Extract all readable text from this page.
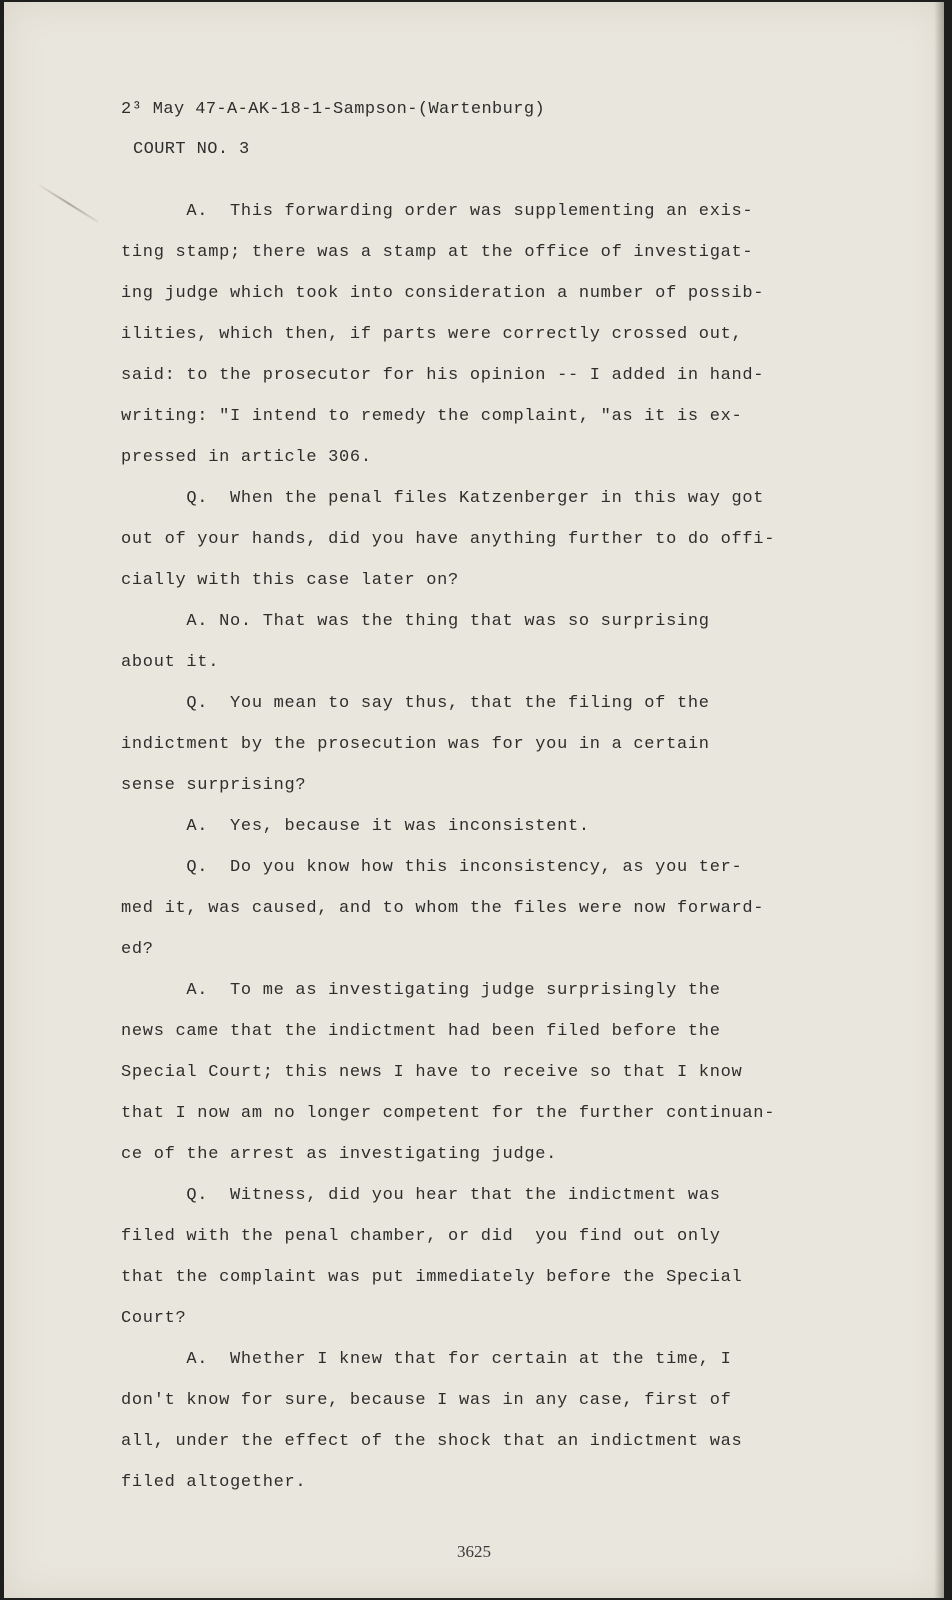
2³ May 47-A-AK-18-1-Sampson-(Wartenburg)
COURT NO. 3
A.  This forwarding order was supplementing an exis-
ting stamp; there was a stamp at the office of investigat-
ing judge which took into consideration a number of possib-
ilities, which then, if parts were correctly crossed out,
said: to the prosecutor for his opinion -- I added in hand-
writing: "I intend to remedy the complaint, "as it is ex-
pressed in article 306.
Q.  When the penal files Katzenberger in this way got
out of your hands, did you have anything further to do offi-
cially with this case later on?
A. No. That was the thing that was so surprising
about it.
Q.  You mean to say thus, that the filing of the
indictment by the prosecution was for you in a certain
sense surprising?
A.  Yes, because it was inconsistent.
Q.  Do you know how this inconsistency, as you ter-
med it, was caused, and to whom the files were now forward-
ed?
A.  To me as investigating judge surprisingly the
news came that the indictment had been filed before the
Special Court; this news I have to receive so that I know
that I now am no longer competent for the further continuan-
ce of the arrest as investigating judge.
Q.  Witness, did you hear that the indictment was
filed with the penal chamber, or did  you find out only
that the complaint was put immediately before the Special
Court?
A.  Whether I knew that for certain at the time, I
don't know for sure, because I was in any case, first of
all, under the effect of the shock that an indictment was
filed altogether.
3625
